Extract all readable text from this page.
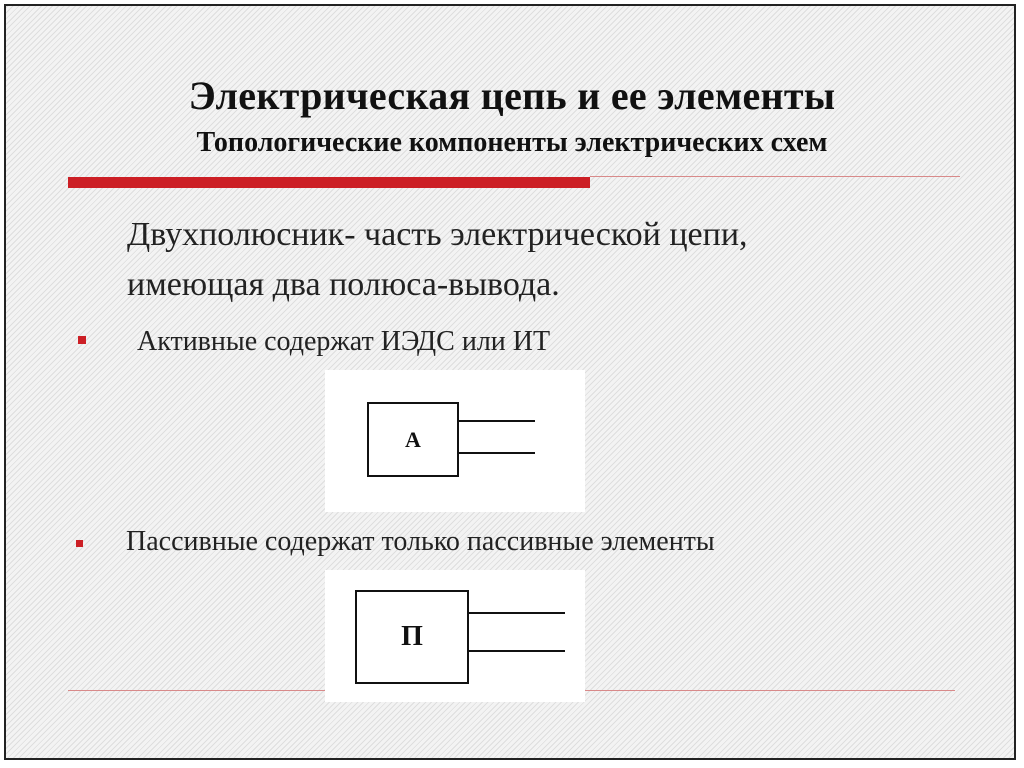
Электрическая цепь и ее элементы
Топологические компоненты электрических схем
Двухполюсник- часть электрической цепи,
имеющая два полюса-вывода.
Активные содержат ИЭДС или ИТ
А
Пассивные содержат только пассивные элементы
П
